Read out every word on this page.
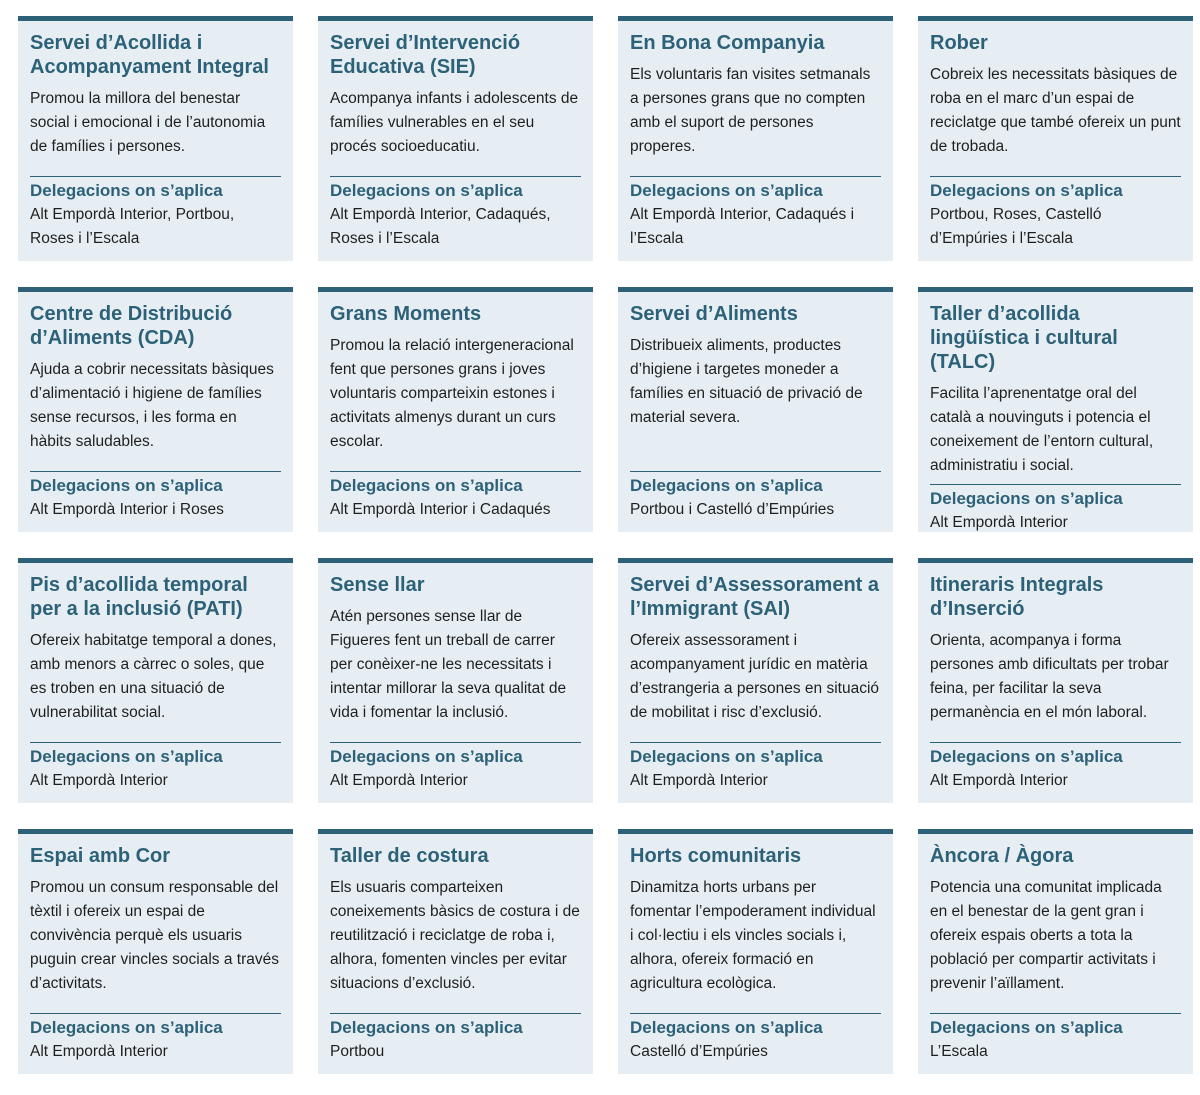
Servei d’Acollida i Acompanyament Integral
Promou la millora del benestar social i emocional i de l’autonomia de famílies i persones.
Delegacions on s’aplica
Alt Empordà Interior, Portbou, Roses i l’Escala
Servei d’Intervenció Educativa (SIE)
Acompanya infants i adolescents de famílies vulnerables en el seu procés socioeducatiu.
Delegacions on s’aplica
Alt Empordà Interior, Cadaqués, Roses i l’Escala
En Bona Companyia
Els voluntaris fan visites setmanals a persones grans que no compten amb el suport de persones properes.
Delegacions on s’aplica
Alt Empordà Interior, Cadaqués i l’Escala
Rober
Cobreix les necessitats bàsiques de roba en el marc d’un espai de reciclatge que també ofereix un punt de trobada.
Delegacions on s’aplica
Portbou, Roses, Castelló d’Empúries i l’Escala
Centre de Distribució d’Aliments (CDA)
Ajuda a cobrir necessitats bàsiques d’alimentació i higiene de famílies sense recursos, i les forma en hàbits saludables.
Delegacions on s’aplica
Alt Empordà Interior i Roses
Grans Moments
Promou la relació intergeneracional fent que persones grans i joves voluntaris comparteixin estones i activitats almenys durant un curs escolar.
Delegacions on s’aplica
Alt Empordà Interior i Cadaqués
Servei d’Aliments
Distribueix aliments, productes d’higiene i targetes moneder a famílies en situació de privació de material severa.
Delegacions on s’aplica
Portbou i Castelló d’Empúries
Taller d’acollida lingüística i cultural (TALC)
Facilita l’aprenentatge oral del català a nouvinguts i potencia el coneixement de l’entorn cultural, administratiu i social.
Delegacions on s’aplica
Alt Empordà Interior
Pis d’acollida temporal per a la inclusió (PATI)
Ofereix habitatge temporal a dones, amb menors a càrrec o soles, que es troben en una situació de vulnerabilitat social.
Delegacions on s’aplica
Alt Empordà Interior
Sense llar
Atén persones sense llar de Figueres fent un treball de carrer per conèixer-ne les necessitats i intentar millorar la seva qualitat de vida i fomentar la inclusió.
Delegacions on s’aplica
Alt Empordà Interior
Servei d’Assessorament a l’Immigrant (SAI)
Ofereix assessorament i acompanyament jurídic en matèria d’estrangeria a persones en situació de mobilitat i risc d’exclusió.
Delegacions on s’aplica
Alt Empordà Interior
Itineraris Integrals d’Inserció
Orienta, acompanya i forma persones amb dificultats per trobar feina, per facilitar la seva permanència en el món laboral.
Delegacions on s’aplica
Alt Empordà Interior
Espai amb Cor
Promou un consum responsable del tèxtil i ofereix un espai de convivència perquè els usuaris puguin crear vincles socials a través d’activitats.
Delegacions on s’aplica
Alt Empordà Interior
Taller de costura
Els usuaris comparteixen coneixements bàsics de costura i de reutilització i reciclatge de roba i, alhora, fomenten vincles per evitar situacions d’exclusió.
Delegacions on s’aplica
Portbou
Horts comunitaris
Dinamitza horts urbans per fomentar l’empoderament individual i col·lectiu i els vincles socials i, alhora, ofereix formació en agricultura ecològica.
Delegacions on s’aplica
Castelló d’Empúries
Àncora / Àgora
Potencia una comunitat implicada en el benestar de la gent gran i ofereix espais oberts a tota la població per compartir activitats i prevenir l’aïllament.
Delegacions on s’aplica
L’Escala
